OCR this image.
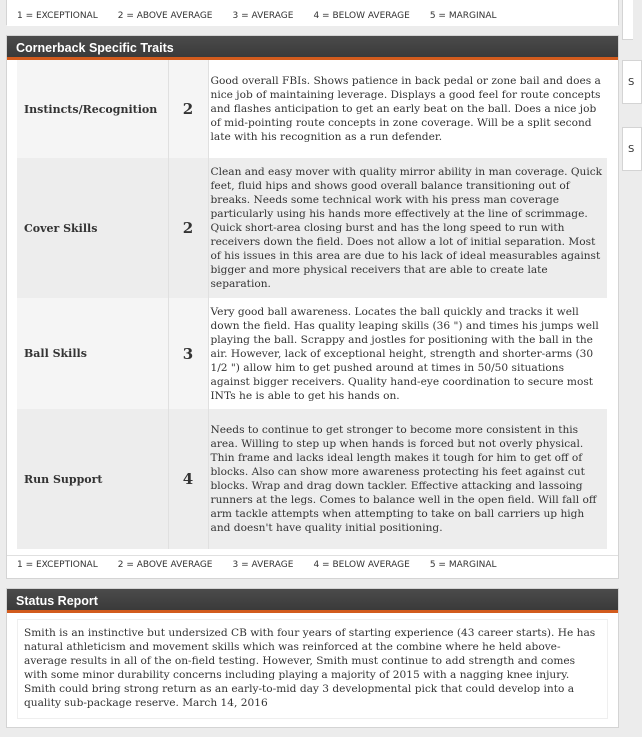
S
S
1 = EXCEPTIONAL 2 = ABOVE AVERAGE 3 = AVERAGE 4 = BELOW AVERAGE 5 = MARGINAL
Cornerback Specific Traits
Instincts/Recognition	2	Good overall FBIs. Shows patience in back pedal or zone bail and does a nice job of maintaining leverage. Displays a good feel for route concepts and flashes anticipation to get an early beat on the ball. Does a nice job of mid-pointing route concepts in zone coverage. Will be a split second late with his recognition as a run defender.
Cover Skills	2	Clean and easy mover with quality mirror ability in man coverage. Quick feet, fluid hips and shows good overall balance transitioning out of breaks. Needs some technical work with his press man coverage particularly using his hands more effectively at the line of scrimmage. Quick short-area closing burst and has the long speed to run with receivers down the field. Does not allow a lot of initial separation. Most of his issues in this area are due to his lack of ideal measurables against bigger and more physical receivers that are able to create late separation.
Ball Skills	3	Very good ball awareness. Locates the ball quickly and tracks it well down the field. Has quality leaping skills (36 ") and times his jumps well playing the ball. Scrappy and jostles for positioning with the ball in the air. However, lack of exceptional height, strength and shorter-arms (30 1/2 ") allow him to get pushed around at times in 50/50 situations against bigger receivers. Quality hand-eye coordination to secure most INTs he is able to get his hands on.
Run Support	4	Needs to continue to get stronger to become more consistent in this area. Willing to step up when hands is forced but not overly physical. Thin frame and lacks ideal length makes it tough for him to get off of blocks. Also can show more awareness protecting his feet against cut blocks. Wrap and drag down tackler. Effective attacking and lassoing runners at the legs. Comes to balance well in the open field. Will fall off arm tackle attempts when attempting to take on ball carriers up high and doesn't have quality initial positioning.
1 = EXCEPTIONAL 2 = ABOVE AVERAGE 3 = AVERAGE 4 = BELOW AVERAGE 5 = MARGINAL
Status Report
Smith is an instinctive but undersized CB with four years of starting experience (43 career starts). He has natural athleticism and movement skills which was reinforced at the combine where he held above-average results in all of the on-field testing. However, Smith must continue to add strength and comes with some minor durability concerns including playing a majority of 2015 with a nagging knee injury. Smith could bring strong return as an early-to-mid day 3 developmental pick that could develop into a quality sub-package reserve. March 14, 2016
